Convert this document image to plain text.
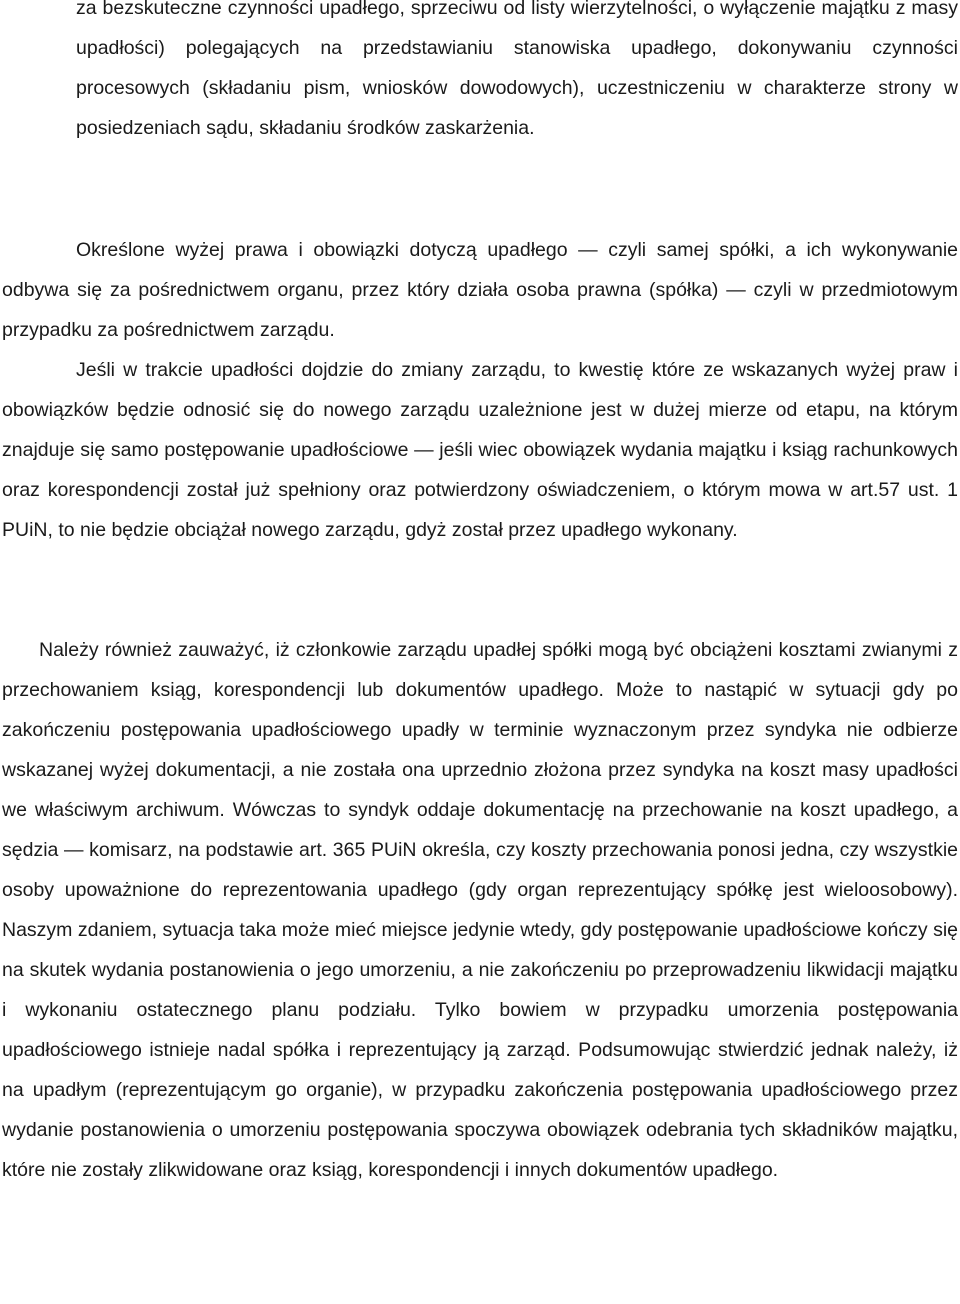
za bezskuteczne czynności upadłego, sprzeciwu od listy wierzytelności, o wyłączenie majątku z masy upadłości) polegających na przedstawianiu stanowiska upadłego, dokonywaniu czynności procesowych (składaniu pism, wniosków dowodowych), uczestniczeniu w charakterze strony w posiedzeniach sądu, składaniu środków zaskarżenia.

Określone wyżej prawa i obowiązki dotyczą upadłego — czyli samej spółki, a ich wykonywanie odbywa się za pośrednictwem organu, przez który działa osoba prawna (spółka) — czyli w przedmiotowym przypadku za pośrednictwem zarządu.

Jeśli w trakcie upadłości dojdzie do zmiany zarządu, to kwestię które ze wskazanych wyżej praw i obowiązków będzie odnosić się do nowego zarządu uzależnione jest w dużej mierze od etapu, na którym znajduje się samo postępowanie upadłościowe — jeśli wiec obowiązek wydania majątku i ksiąg rachunkowych oraz korespondencji został już spełniony oraz potwierdzony oświadczeniem, o którym mowa w art.57 ust. 1 PUiN, to nie będzie obciążał nowego zarządu, gdyż został przez upadłego wykonany.

Należy również zauważyć, iż członkowie zarządu upadłej spółki mogą być obciążeni kosztami zwianymi z przechowaniem ksiąg, korespondencji lub dokumentów upadłego. Może to nastąpić w sytuacji gdy po zakończeniu postępowania upadłościowego upadły w terminie wyznaczonym przez syndyka nie odbierze wskazanej wyżej dokumentacji, a nie została ona uprzednio złożona przez syndyka na koszt masy upadłości we właściwym archiwum. Wówczas to syndyk oddaje dokumentację na przechowanie na koszt upadłego, a sędzia — komisarz, na podstawie art. 365 PUiN określa, czy koszty przechowania ponosi jedna, czy wszystkie osoby upoważnione do reprezentowania upadłego (gdy organ reprezentujący spółkę jest wieloosobowy). Naszym zdaniem, sytuacja taka może mieć miejsce jedynie wtedy, gdy postępowanie upadłościowe kończy się na skutek wydania postanowienia o jego umorzeniu, a nie zakończeniu po przeprowadzeniu likwidacji majątku i wykonaniu ostatecznego planu podziału. Tylko bowiem w przypadku umorzenia postępowania upadłościowego istnieje nadal spółka i reprezentujący ją zarząd. Podsumowując stwierdzić jednak należy, iż na upadłym (reprezentującym go organie), w przypadku zakończenia postępowania upadłościowego przez wydanie postanowienia o umorzeniu postępowania spoczywa obowiązek odebrania tych składników majątku, które nie zostały zlikwidowane oraz ksiąg, korespondencji i innych dokumentów upadłego.
